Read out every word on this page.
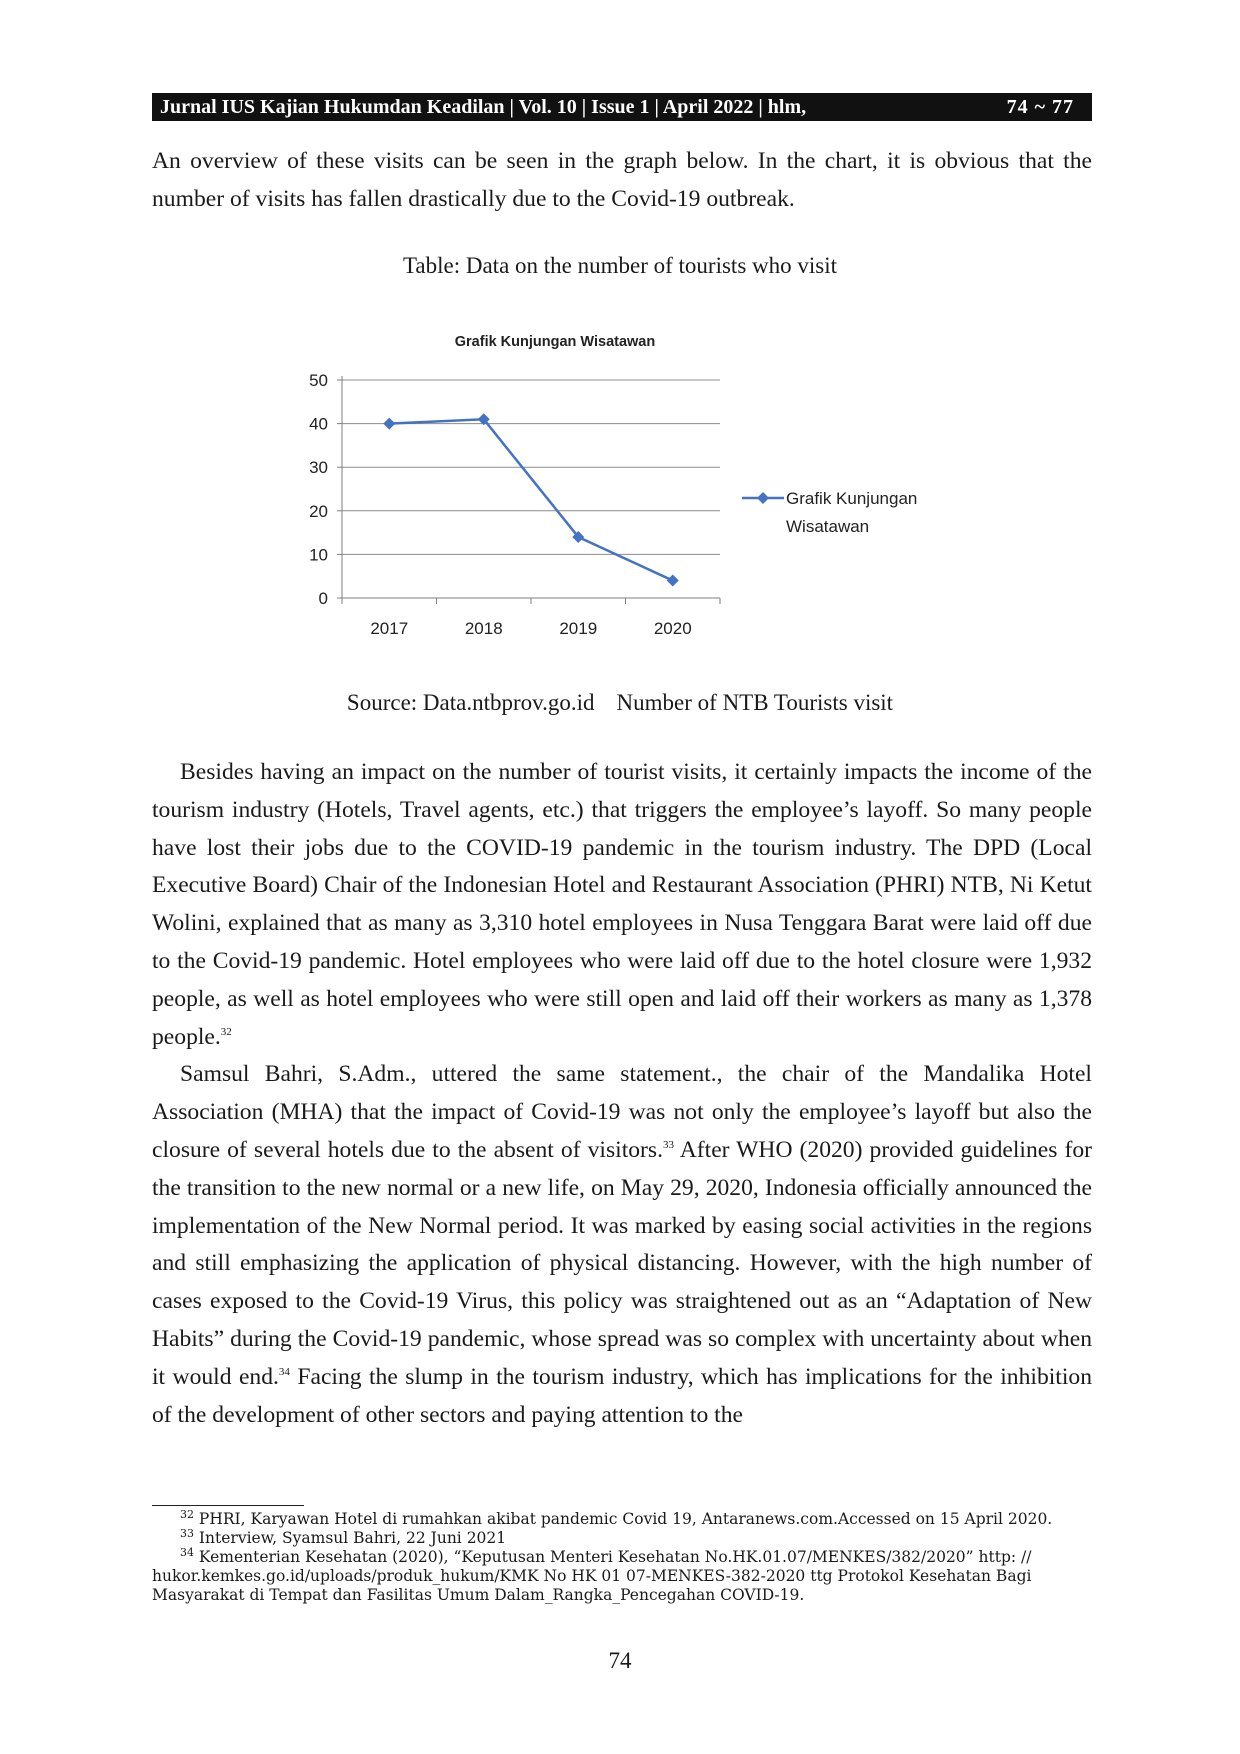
Jurnal IUS Kajian Hukumdan Keadilan | Vol. 10 | Issue 1 | April 2022 | hlm,	74 ~ 77
An overview of these visits can be seen in the graph below. In the chart, it is obvious that the number of visits has fallen drastically due to the Covid-19 outbreak.
Table: Data on the number of tourists who visit
Grafik Kunjungan Wisatawan
0
10
20
30
40
50
2017	2018	2019	2020
Grafik Kunjungan
Wisatawan
Source: Data.ntbprov.go.id Number of NTB Tourists visit

Besides having an impact on the number of tourist visits, it certainly impacts the income of the tourism industry (Hotels, Travel agents, etc.) that triggers the employee’s layoff. So many people have lost their jobs due to the COVID-19 pandemic in the tourism industry. The DPD (Local Executive Board) Chair of the Indonesian Hotel and Restaurant Association (PHRI) NTB, Ni Ketut Wolini, explained that as many as 3,310 hotel employees in Nusa Tenggara Barat were laid off due to the Covid-19 pandemic. Hotel employees who were laid off due to the hotel closure were 1,932 people, as well as hotel employees who were still open and laid off their workers as many as 1,378 people.$^{32}$

Samsul Bahri, S.Adm., uttered the same statement., the chair of the Mandalika Hotel Association (MHA) that the impact of Covid-19 was not only the employee’s layoff but also the closure of several hotels due to the absent of visitors.$^{33}$ After WHO (2020) provided guidelines for the transition to the new normal or a new life, on May 29, 2020, Indonesia officially announced the implementation of the New Normal period. It was marked by easing social activities in the regions and still emphasizing the application of physical distancing. However, with the high number of cases exposed to the Covid-19 Virus, this policy was straightened out as an “Adaptation of New Habits” during the Covid-19 pandemic, whose spread was so complex with uncertainty about when it would end.$^{34}$ Facing the slump in the tourism industry, which has implications for the inhibition of the development of other sectors and paying attention to the

$^{32}$ PHRI, Karyawan Hotel di rumahkan akibat pandemic Covid 19, Antaranews.com.Accessed on 15 April 2020.

$^{33}$ Interview, Syamsul Bahri, 22 Juni 2021

$^{34}$ Kementerian Kesehatan (2020), “Keputusan Menteri Kesehatan No.HK.01.07/MENKES/382/2020” http: // hukor.kemkes.go.id/uploads/produk_hukum/KMK No HK 01 07-MENKES-382-2020 ttg Protokol Kesehatan Bagi Masyarakat di Tempat dan Fasilitas Umum Dalam_Rangka_Pencegahan COVID-19.

74
